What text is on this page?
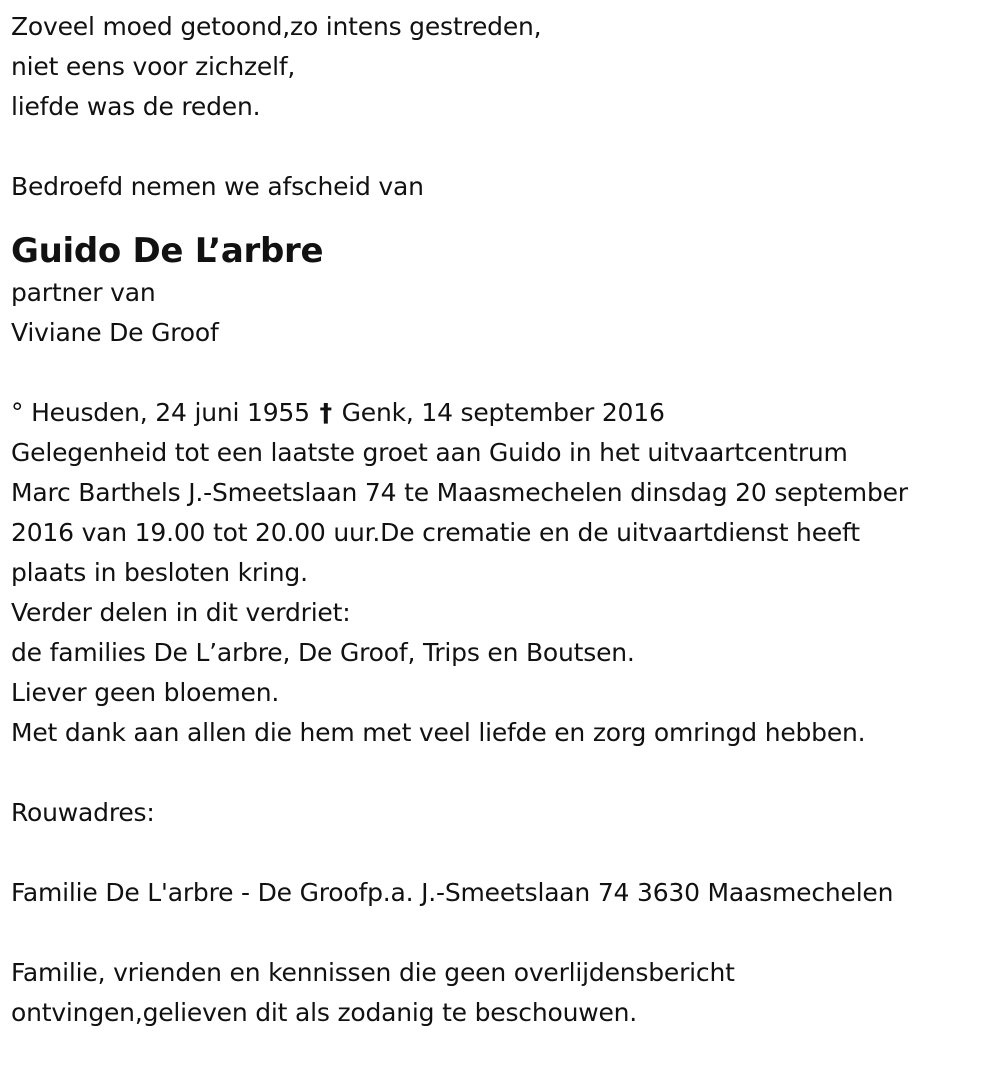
Zoveel moed getoond,zo intens gestreden,
niet eens voor zichzelf,
liefde was de reden.
Bedroefd nemen we afscheid van
Guido De L’arbre
partner van
Viviane De Groof
° Heusden, 24 juni 1955 † Genk, 14 september 2016
Gelegenheid tot een laatste groet aan Guido in het uitvaartcentrum
Marc Barthels J.-Smeetslaan 74 te Maasmechelen dinsdag 20 september
2016 van 19.00 tot 20.00 uur.De crematie en de uitvaartdienst heeft
plaats in besloten kring.
Verder delen in dit verdriet:
de families De L’arbre, De Groof, Trips en Boutsen.
Liever geen bloemen.
Met dank aan allen die hem met veel liefde en zorg omringd hebben.
Rouwadres:
Familie De L'arbre - De Groofp.a. J.-Smeetslaan 74 3630 Maasmechelen
Familie, vrienden en kennissen die geen overlijdensbericht
ontvingen,gelieven dit als zodanig te beschouwen.
